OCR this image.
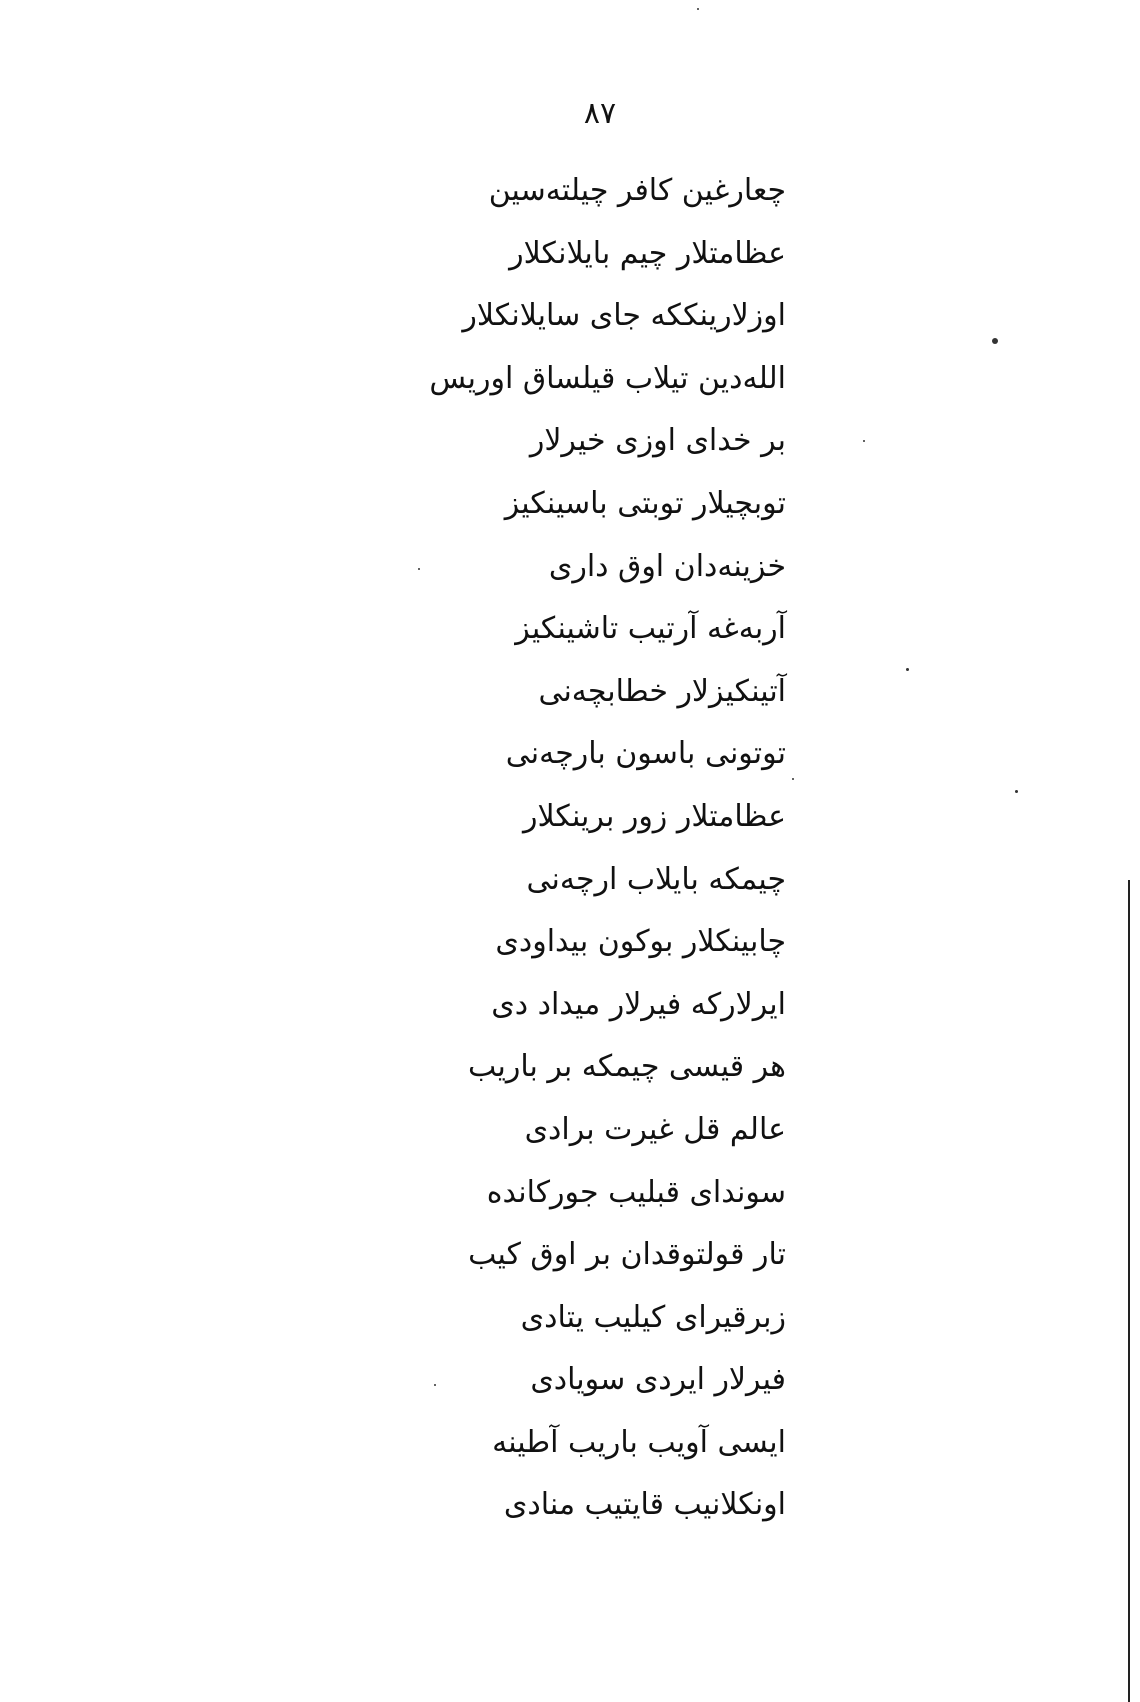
٨٧
چعارغین کافر چیلته‌سین
عظامتلار چیم بایلانکلار
اوزلارینککه جای سایلانکلار
الله‌دین تیلاب قیلساق اوریس
بر خدای اوزی خیرلار
توبچیلار توبتی باسینکیز
خزینه‌دان اوق داری
آربه‌غه آرتیب تاشینکیز
آتینکیزلار خطابچه‌نی
توتونی باسون بارچه‌نی
عظامتلار زور برینکلار
چیمکه بایلاب ارچه‌نی
چابینکلار بوکون بیداودی
ایرلارکه فیرلار میداد دی
هر قیسی چیمکه بر باریب
عالم قل غیرت برادی
سوندای قبلیب جورکانده
تار قولتوقدان بر اوق کیب
زبرقیرای کیلیب یتادی
فیرلار ایردی سویادی
ایسی آویب باریب آطینه
اونکلانیب قایتیب منادی
